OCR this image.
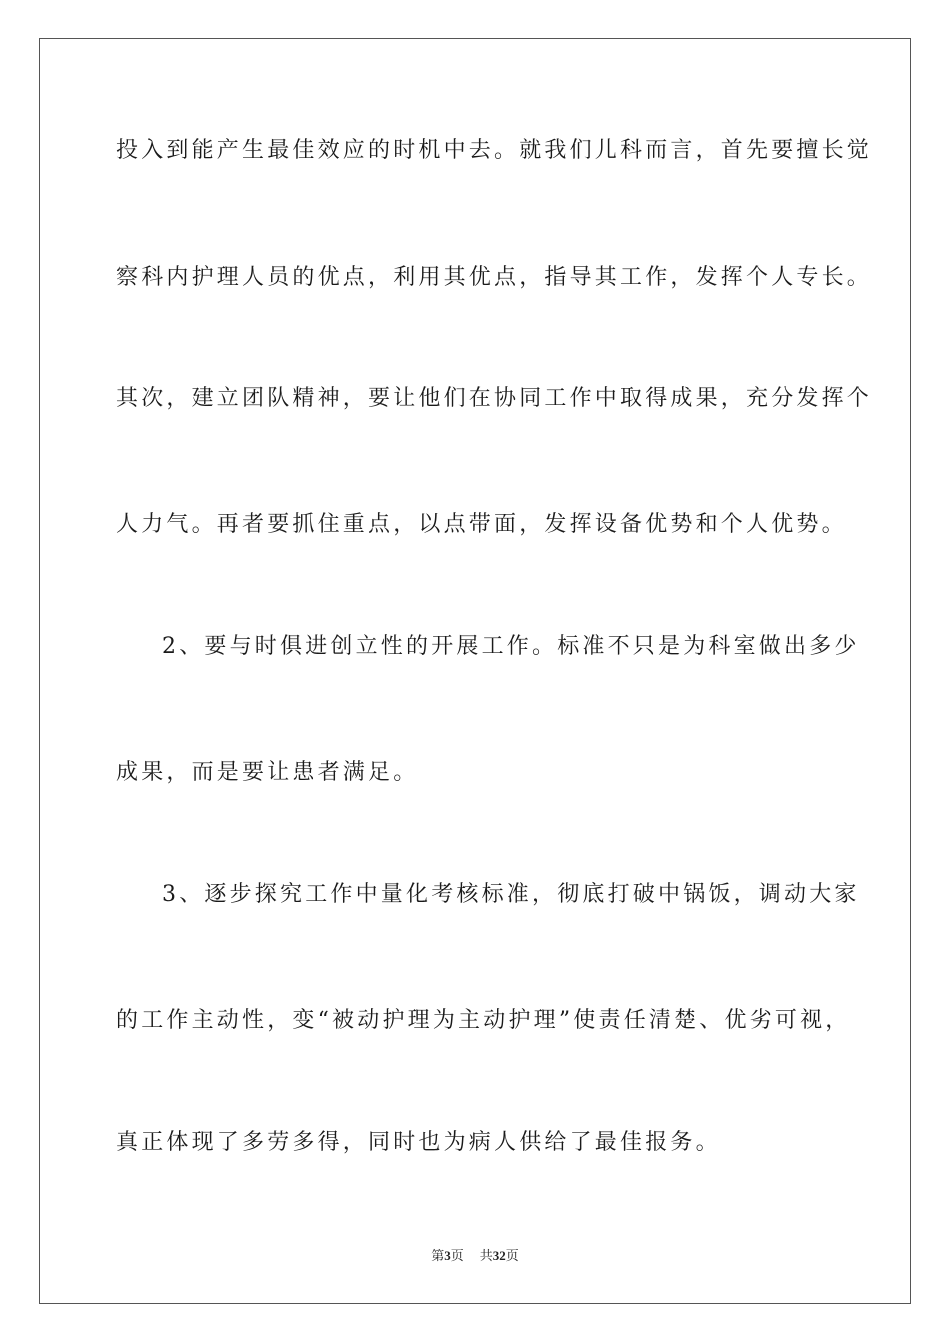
投入到能产生最佳效应的时机中去。就我们儿科而言，首先要擅长觉
察科内护理人员的优点，利用其优点，指导其工作，发挥个人专长。
其次，建立团队精神，要让他们在协同工作中取得成果，充分发挥个
人力气。再者要抓住重点，以点带面，发挥设备优势和个人优势。
2、要与时俱进创立性的开展工作。标准不只是为科室做出多少
成果，而是要让患者满足。
3、逐步探究工作中量化考核标准，彻底打破中锅饭，调动大家
的工作主动性，变“被动护理为主动护理”使责任清楚、优劣可视，
真正体现了多劳多得，同时也为病人供给了最佳报务。
第3页 共32页
